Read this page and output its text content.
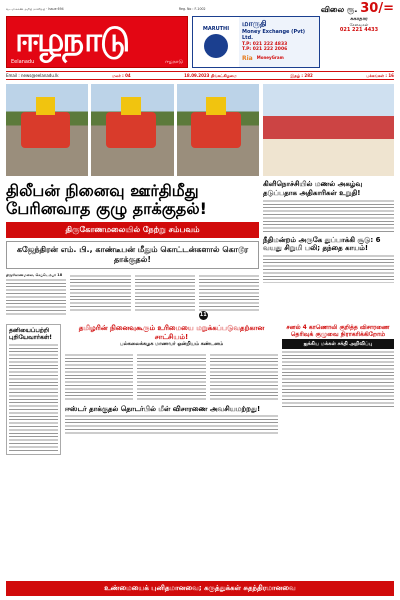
வடமாகாண தமிழ் நாளிதழ் · Issue 694	Reg. No : F-1002	விலை ரூ. 30/=
ஈழநாடு
Eelanadu	ஈழநாடு
MARUTHI
மாருதி
Money Exchange (Pvt) Ltd.
T.P: 021 222 4833
T.P: 021 222 2006
Ria MoneyGram
சுகாதார
சேவைகள்
021 221 4433
Email : news@eelanadu.lk	மலர் : 04	18.09.2023 திங்கட்கிழமை	இதழ் : 282	பக்கங்கள் : 16
திலீபன் நினைவு ஊர்திமீது பேரினவாத குழு தாக்குதல்!
திருகோணமலையில் நேற்று சம்பவம்
கஜேந்திரன் எம். பி., காண்டீபன் மீதும் கொட்டன்களால் கொடூர தாக்குதல்!
திருகோணமலை, செப்டெம்பர் 18

11
கிளிநொச்சியில் மணல் அகழ்வு தடுப்பதாக அதிகாரிகள் உறுதி!

நீதிமன்றம் அருகே துப்பாக்கி சூடு: 6 வயது சிறுமி பலி; தந்தை காயம்!

தனியைப்பற்றி புறியேவார்கள்!

தமிழரின் நினைவுகூரும் உரிமையை மறுக்கப்படுவதற்கான சாட்சியம்!
பல்கலைக்கழக மாணவர் ஒன்றியம் கண்டனம்

ஈஸ்டர் தாக்குதல் தொடர்பில் மீள் விசாரணை அவசியமற்றது!

சனல் 4 காணொலி குறித்த விசாரணை தெரிவுக் குழுவை நிராகரிக்கிறோம்
ஐக்கிய மக்கள் சக்தி அறிவிப்பு

உண்மையைக் புனிதமானவை; கருத்துக்கள் சுதந்திரமானவை
